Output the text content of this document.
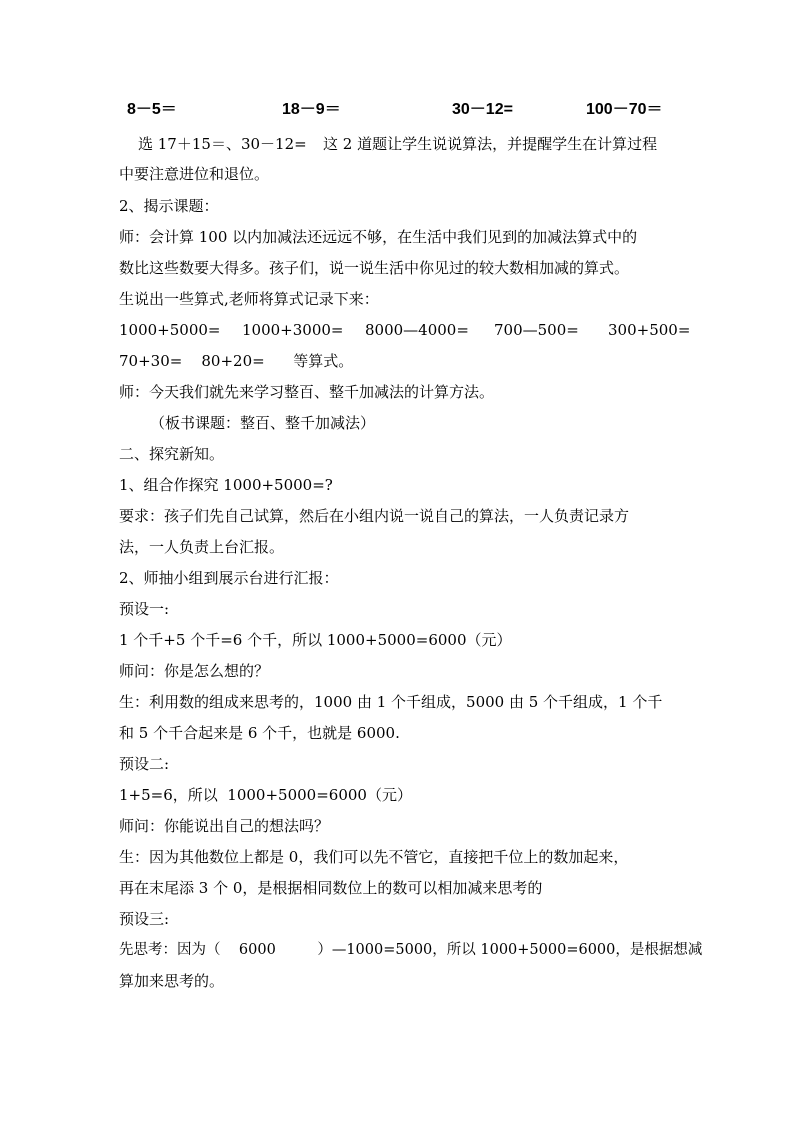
8－5＝	18－9＝	30－12=	100－70＝
选 17＋15＝、30－12= 这 2 道题让学生说说算法，并提醒学生在计算过程
中要注意进位和退位。
2、揭示课题：
师：会计算 100 以内加减法还远远不够，在生活中我们见到的加减法算式中的
数比这些数要大得多。孩子们，说一说生活中你见过的较大数相加减的算式。
生说出一些算式,老师将算式记录下来：
1000+5000= 1000+3000= 8000—4000= 700—500= 300+500=
70+30=    80+20=      等算式。
师：今天我们就先来学习整百、整千加减法的计算方法。
（板书课题：整百、整千加减法）
二、探究新知。
1、组合作探究 1000+5000=?
要求：孩子们先自己试算，然后在小组内说一说自己的算法，一人负责记录方
法，一人负责上台汇报。
2、师抽小组到展示台进行汇报：
预设一:
1 个千+5 个千=6 个千，所以 1000+5000=6000（元）
师问：你是怎么想的？
生：利用数的组成来思考的，1000 由 1 个千组成，5000 由 5 个千组成，1 个千
和 5 个千合起来是 6 个千，也就是 6000.
预设二:
1+5=6，所以  1000+5000=6000（元）
师问：你能说出自己的想法吗？
生：因为其他数位上都是 0，我们可以先不管它，直接把千位上的数加起来，
再在末尾添 3 个 0，是根据相同数位上的数可以相加减来思考的
预设三:
先思考：因为（    6000         ）—1000=5000，所以 1000+5000=6000，是根据想减
算加来思考的。
